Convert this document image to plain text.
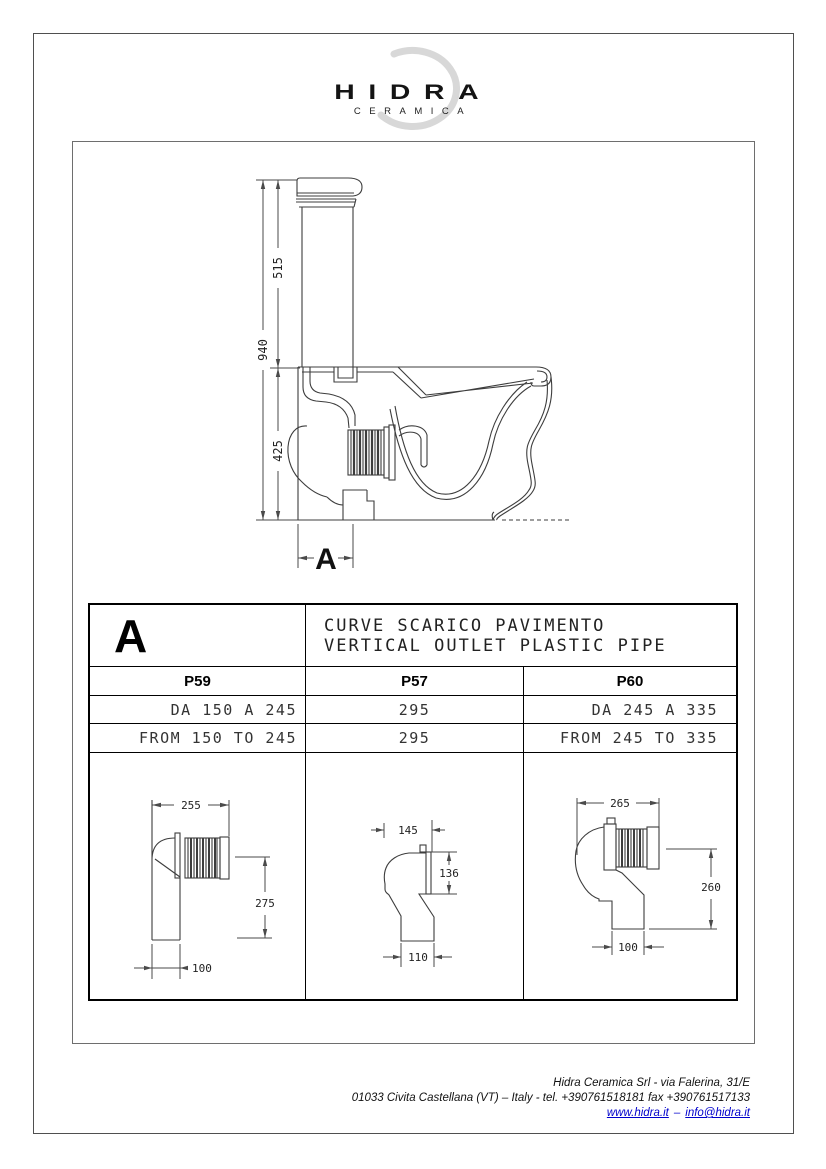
HIDRA
CERAMICA
515
940
425
A
A	CURVE SCARICO PAVIMENTO
VERTICAL OUTLET PLASTIC PIPE
P59	P57	P60
DA 150 A 245	295	DA 245 A 335
FROM 150 TO 245	295	FROM 245 TO 335
255
275
100
145
136
110
265
260
100
Hidra Ceramica Srl - via Falerina, 31/E
01033 Civita Castellana (VT) – Italy - tel. +390761518181 fax +390761517133
www.hidra.it – info@hidra.it
